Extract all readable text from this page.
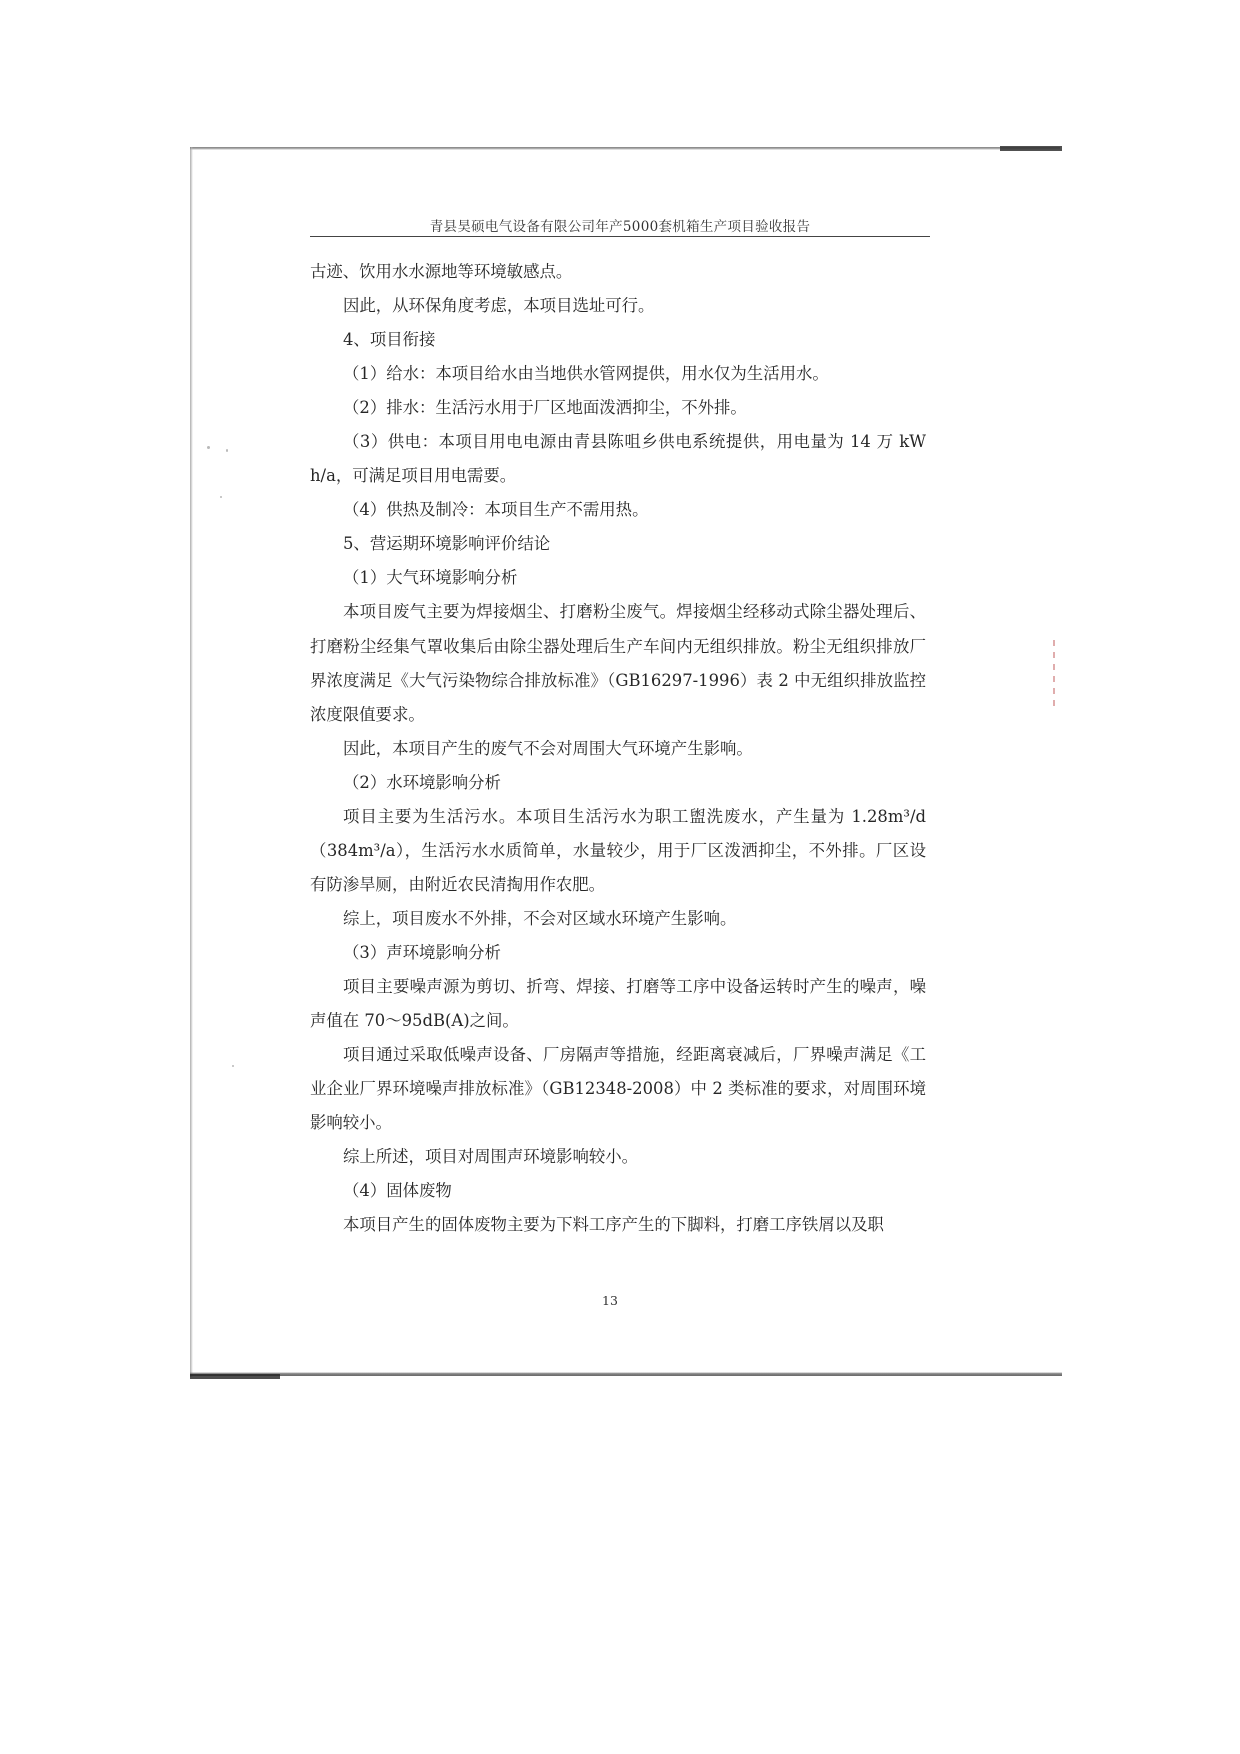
青县昊硕电气设备有限公司年产5000套机箱生产项目验收报告

古迹、饮用水水源地等环境敏感点。

因此，从环保角度考虑，本项目选址可行。

4、项目衔接

（1）给水：本项目给水由当地供水管网提供，用水仅为生活用水。

（2）排水：生活污水用于厂区地面泼洒抑尘，不外排。

（3）供电：本项目用电电源由青县陈咀乡供电系统提供，用电量为 14 万 kW h/a，可满足项目用电需要。

（4）供热及制冷：本项目生产不需用热。

5、营运期环境影响评价结论

（1）大气环境影响分析

本项目废气主要为焊接烟尘、打磨粉尘废气。焊接烟尘经移动式除尘器处理后、打磨粉尘经集气罩收集后由除尘器处理后生产车间内无组织排放。粉尘无组织排放厂界浓度满足《大气污染物综合排放标准》（GB16297-1996）表 2 中无组织排放监控浓度限值要求。

因此，本项目产生的废气不会对周围大气环境产生影响。

（2）水环境影响分析

项目主要为生活污水。本项目生活污水为职工盥洗废水，产生量为 1.28m³/d（384m³/a），生活污水水质简单，水量较少，用于厂区泼洒抑尘，不外排。厂区设有防渗旱厕，由附近农民清掏用作农肥。

综上，项目废水不外排，不会对区域水环境产生影响。

（3）声环境影响分析

项目主要噪声源为剪切、折弯、焊接、打磨等工序中设备运转时产生的噪声，噪声值在 70～95dB(A)之间。

项目通过采取低噪声设备、厂房隔声等措施，经距离衰减后，厂界噪声满足《工业企业厂界环境噪声排放标准》（GB12348-2008）中 2 类标准的要求，对周围环境影响较小。

综上所述，项目对周围声环境影响较小。

（4）固体废物

本项目产生的固体废物主要为下料工序产生的下脚料，打磨工序铁屑以及职

13
